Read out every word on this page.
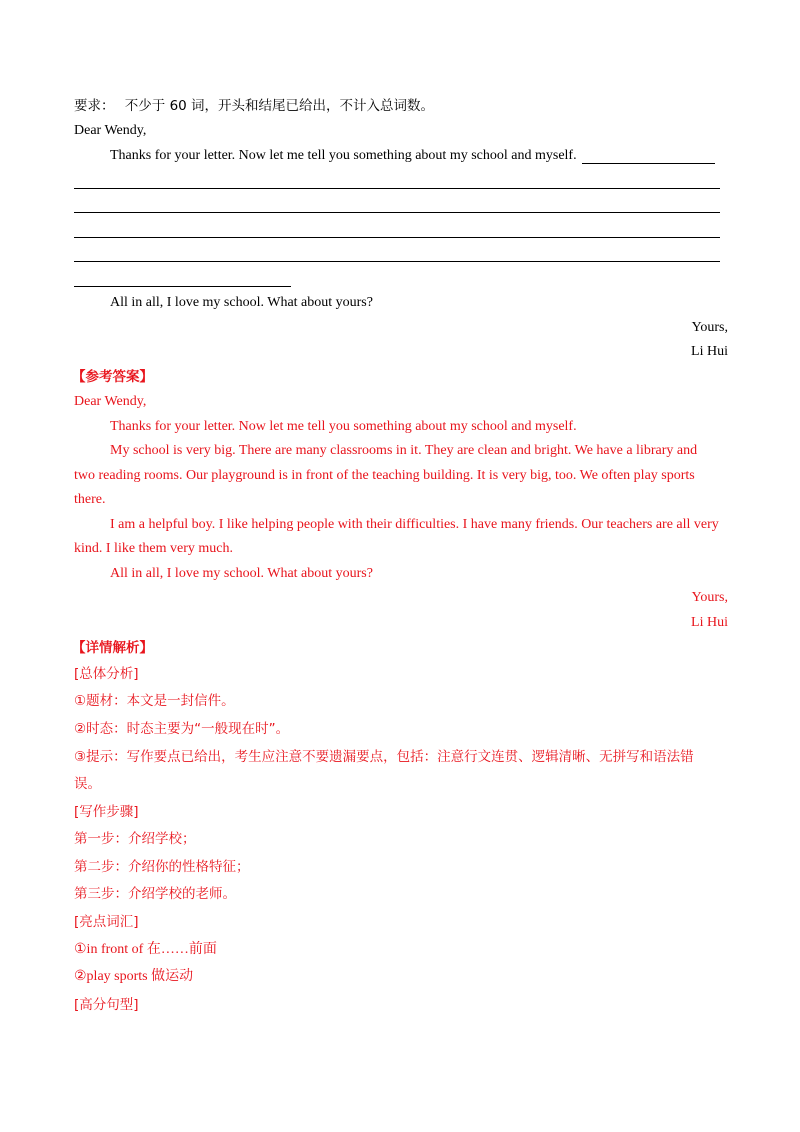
要求： 不少于 60 词，开头和结尾已给出，不计入总词数。
Dear Wendy,
Thanks for your letter. Now let me tell you something about my school and myself.
All in all, I love my school. What about yours?
Yours,
Li Hui
【参考答案】
Dear Wendy,
Thanks for your letter. Now let me tell you something about my school and myself.
My school is very big. There are many classrooms in it. They are clean and bright. We have a library and
two reading rooms. Our playground is in front of the teaching building. It is very big, too. We often play sports
there.
I am a helpful boy. I like helping people with their difficulties. I have many friends. Our teachers are all very
kind. I like them very much.
All in all, I love my school. What about yours?
Yours,
Li Hui
【详情解析】
[总体分析]
①题材：本文是一封信件。
②时态：时态主要为“一般现在时”。
③提示：写作要点已给出，考生应注意不要遗漏要点，包括：注意行文连贯、逻辑清晰、无拼写和语法错
误。
[写作步骤]
第一步：介绍学校；
第二步：介绍你的性格特征；
第三步：介绍学校的老师。
[亮点词汇]
①in front of 在……前面
②play sports 做运动
[高分句型]
